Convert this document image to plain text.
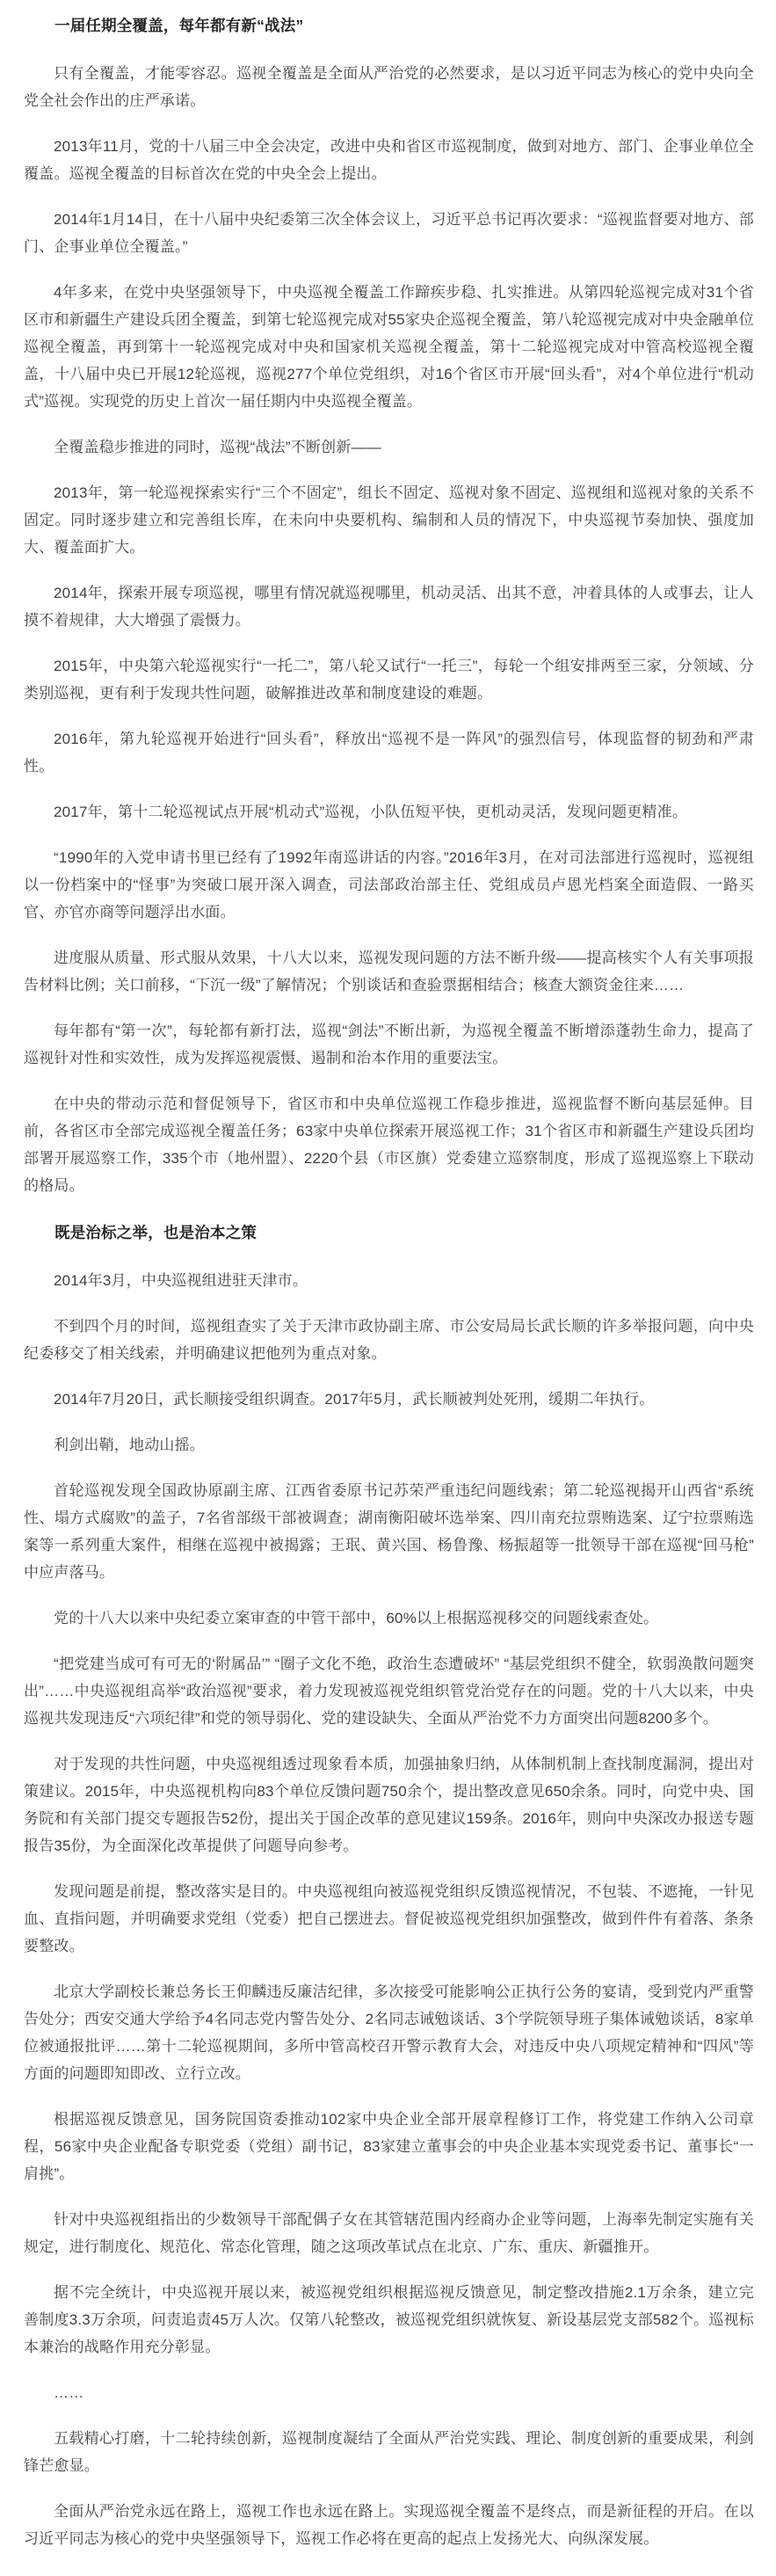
一届任期全覆盖，每年都有新“战法”

只有全覆盖，才能零容忍。巡视全覆盖是全面从严治党的必然要求，是以习近平同志为核心的党中央向全党全社会作出的庄严承诺。

2013年11月，党的十八届三中全会决定，改进中央和省区市巡视制度，做到对地方、部门、企事业单位全覆盖。巡视全覆盖的目标首次在党的中央全会上提出。

2014年1月14日，在十八届中央纪委第三次全体会议上，习近平总书记再次要求：“巡视监督要对地方、部门、企事业单位全覆盖。”

4年多来，在党中央坚强领导下，中央巡视全覆盖工作蹄疾步稳、扎实推进。从第四轮巡视完成对31个省区市和新疆生产建设兵团全覆盖，到第七轮巡视完成对55家央企巡视全覆盖，第八轮巡视完成对中央金融单位巡视全覆盖，再到第十一轮巡视完成对中央和国家机关巡视全覆盖，第十二轮巡视完成对中管高校巡视全覆盖，十八届中央已开展12轮巡视，巡视277个单位党组织，对16个省区市开展“回头看”，对4个单位进行“机动式”巡视。实现党的历史上首次一届任期内中央巡视全覆盖。

全覆盖稳步推进的同时，巡视“战法”不断创新——

2013年，第一轮巡视探索实行“三个不固定”，组长不固定、巡视对象不固定、巡视组和巡视对象的关系不固定。同时逐步建立和完善组长库，在未向中央要机构、编制和人员的情况下，中央巡视节奏加快、强度加大、覆盖面扩大。

2014年，探索开展专项巡视，哪里有情况就巡视哪里，机动灵活、出其不意，冲着具体的人或事去，让人摸不着规律，大大增强了震慑力。

2015年，中央第六轮巡视实行“一托二”，第八轮又试行“一托三”，每轮一个组安排两至三家，分领域、分类别巡视，更有利于发现共性问题，破解推进改革和制度建设的难题。

2016年，第九轮巡视开始进行“回头看”，释放出“巡视不是一阵风”的强烈信号，体现监督的韧劲和严肃性。

2017年，第十二轮巡视试点开展“机动式”巡视，小队伍短平快，更机动灵活，发现问题更精准。

“1990年的入党申请书里已经有了1992年南巡讲话的内容。”2016年3月，在对司法部进行巡视时，巡视组以一份档案中的“怪事”为突破口展开深入调查，司法部政治部主任、党组成员卢恩光档案全面造假、一路买官、亦官亦商等问题浮出水面。

进度服从质量、形式服从效果，十八大以来，巡视发现问题的方法不断升级——提高核实个人有关事项报告材料比例；关口前移，“下沉一级”了解情况；个别谈话和查验票据相结合；核查大额资金往来……

每年都有“第一次”，每轮都有新打法，巡视“剑法”不断出新，为巡视全覆盖不断增添蓬勃生命力，提高了巡视针对性和实效性，成为发挥巡视震慑、遏制和治本作用的重要法宝。

在中央的带动示范和督促领导下，省区市和中央单位巡视工作稳步推进，巡视监督不断向基层延伸。目前，各省区市全部完成巡视全覆盖任务；63家中央单位探索开展巡视工作；31个省区市和新疆生产建设兵团均部署开展巡察工作，335个市（地州盟）、2220个县（市区旗）党委建立巡察制度，形成了巡视巡察上下联动的格局。

既是治标之举，也是治本之策

2014年3月，中央巡视组进驻天津市。

不到四个月的时间，巡视组查实了关于天津市政协副主席、市公安局局长武长顺的许多举报问题，向中央纪委移交了相关线索，并明确建议把他列为重点对象。

2014年7月20日，武长顺接受组织调查。2017年5月，武长顺被判处死刑，缓期二年执行。

利剑出鞘，地动山摇。

首轮巡视发现全国政协原副主席、江西省委原书记苏荣严重违纪问题线索；第二轮巡视揭开山西省“系统性、塌方式腐败”的盖子，7名省部级干部被调查；湖南衡阳破坏选举案、四川南充拉票贿选案、辽宁拉票贿选案等一系列重大案件，相继在巡视中被揭露；王珉、黄兴国、杨鲁豫、杨振超等一批领导干部在巡视“回马枪”中应声落马。

党的十八大以来中央纪委立案审查的中管干部中，60%以上根据巡视移交的问题线索查处。

“把党建当成可有可无的‘附属品’” “圈子文化不绝，政治生态遭破坏” “基层党组织不健全，软弱涣散问题突出”……中央巡视组高举“政治巡视”要求，着力发现被巡视党组织管党治党存在的问题。党的十八大以来，中央巡视共发现违反“六项纪律”和党的领导弱化、党的建设缺失、全面从严治党不力方面突出问题8200多个。

对于发现的共性问题，中央巡视组透过现象看本质，加强抽象归纳，从体制机制上查找制度漏洞，提出对策建议。2015年，中央巡视机构向83个单位反馈问题750余个，提出整改意见650余条。同时，向党中央、国务院和有关部门提交专题报告52份，提出关于国企改革的意见建议159条。2016年，则向中央深改办报送专题报告35份，为全面深化改革提供了问题导向参考。

发现问题是前提，整改落实是目的。中央巡视组向被巡视党组织反馈巡视情况，不包装、不遮掩，一针见血、直指问题，并明确要求党组（党委）把自己摆进去。督促被巡视党组织加强整改，做到件件有着落、条条要整改。

北京大学副校长兼总务长王仰麟违反廉洁纪律，多次接受可能影响公正执行公务的宴请，受到党内严重警告处分；西安交通大学给予4名同志党内警告处分、2名同志诫勉谈话、3个学院领导班子集体诫勉谈话，8家单位被通报批评……第十二轮巡视期间，多所中管高校召开警示教育大会，对违反中央八项规定精神和“四风”等方面的问题即知即改、立行立改。

根据巡视反馈意见，国务院国资委推动102家中央企业全部开展章程修订工作，将党建工作纳入公司章程，56家中央企业配备专职党委（党组）副书记，83家建立董事会的中央企业基本实现党委书记、董事长“一肩挑”。

针对中央巡视组指出的少数领导干部配偶子女在其管辖范围内经商办企业等问题，上海率先制定实施有关规定，进行制度化、规范化、常态化管理，随之这项改革试点在北京、广东、重庆、新疆推开。

据不完全统计，中央巡视开展以来，被巡视党组织根据巡视反馈意见，制定整改措施2.1万余条，建立完善制度3.3万余项，问责追责45万人次。仅第八轮整改，被巡视党组织就恢复、新设基层党支部582个。巡视标本兼治的战略作用充分彰显。

……

五载精心打磨，十二轮持续创新，巡视制度凝结了全面从严治党实践、理论、制度创新的重要成果，利剑锋芒愈显。

全面从严治党永远在路上，巡视工作也永远在路上。实现巡视全覆盖不是终点，而是新征程的开启。在以习近平同志为核心的党中央坚强领导下，巡视工作必将在更高的起点上发扬光大、向纵深发展。
